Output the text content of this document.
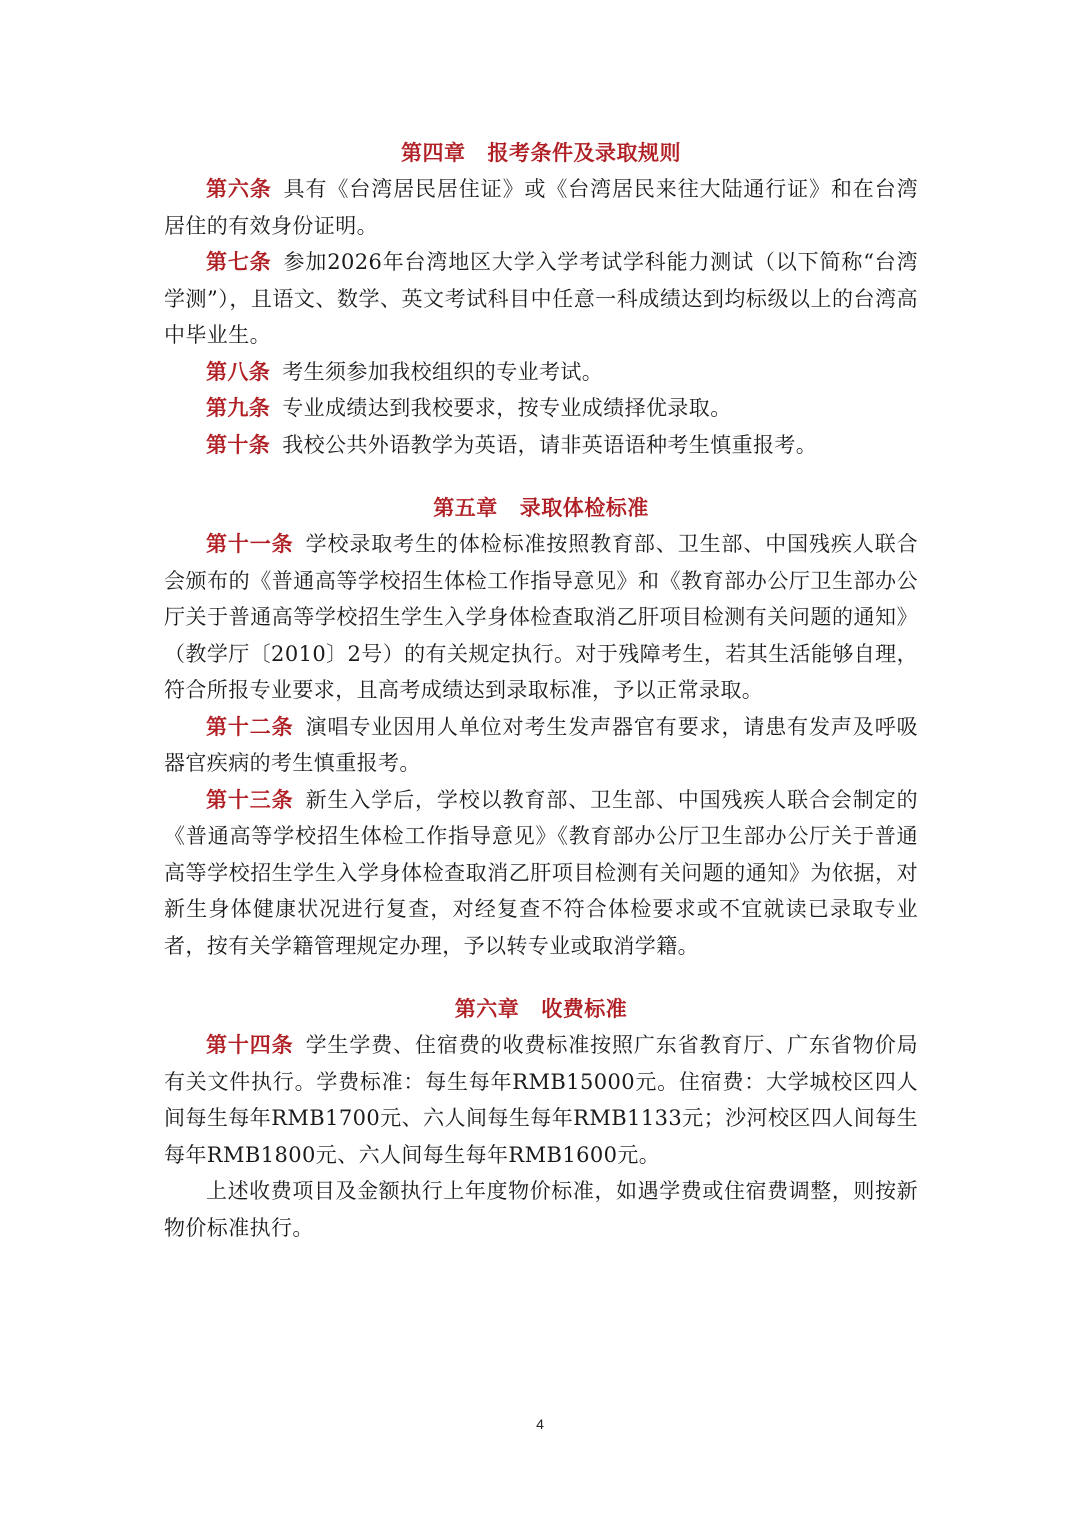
第四章 报考条件及录取规则

第六条 具有《台湾居民居住证》或《台湾居民来往大陆通行证》和在台湾居住的有效身份证明。

第七条 参加2026年台湾地区大学入学考试学科能力测试（以下简称“台湾学测”），且语文、数学、英文考试科目中任意一科成绩达到均标级以上的台湾高中毕业生。

第八条 考生须参加我校组织的专业考试。

第九条 专业成绩达到我校要求，按专业成绩择优录取。

第十条 我校公共外语教学为英语，请非英语语种考生慎重报考。

第五章 录取体检标准

第十一条 学校录取考生的体检标准按照教育部、卫生部、中国残疾人联合会颁布的《普通高等学校招生体检工作指导意见》和《教育部办公厅卫生部办公厅关于普通高等学校招生学生入学身体检查取消乙肝项目检测有关问题的通知》（教学厅〔2010〕2号）的有关规定执行。对于残障考生，若其生活能够自理，符合所报专业要求，且高考成绩达到录取标准，予以正常录取。

第十二条 演唱专业因用人单位对考生发声器官有要求，请患有发声及呼吸器官疾病的考生慎重报考。

第十三条 新生入学后，学校以教育部、卫生部、中国残疾人联合会制定的《普通高等学校招生体检工作指导意见》《教育部办公厅卫生部办公厅关于普通高等学校招生学生入学身体检查取消乙肝项目检测有关问题的通知》为依据，对新生身体健康状况进行复查，对经复查不符合体检要求或不宜就读已录取专业者，按有关学籍管理规定办理，予以转专业或取消学籍。

第六章 收费标准

第十四条 学生学费、住宿费的收费标准按照广东省教育厅、广东省物价局有关文件执行。学费标准：每生每年RMB15000元。住宿费：大学城校区四人间每生每年RMB1700元、六人间每生每年RMB1133元；沙河校区四人间每生每年RMB1800元、六人间每生每年RMB1600元。

上述收费项目及金额执行上年度物价标准，如遇学费或住宿费调整，则按新物价标准执行。

4
